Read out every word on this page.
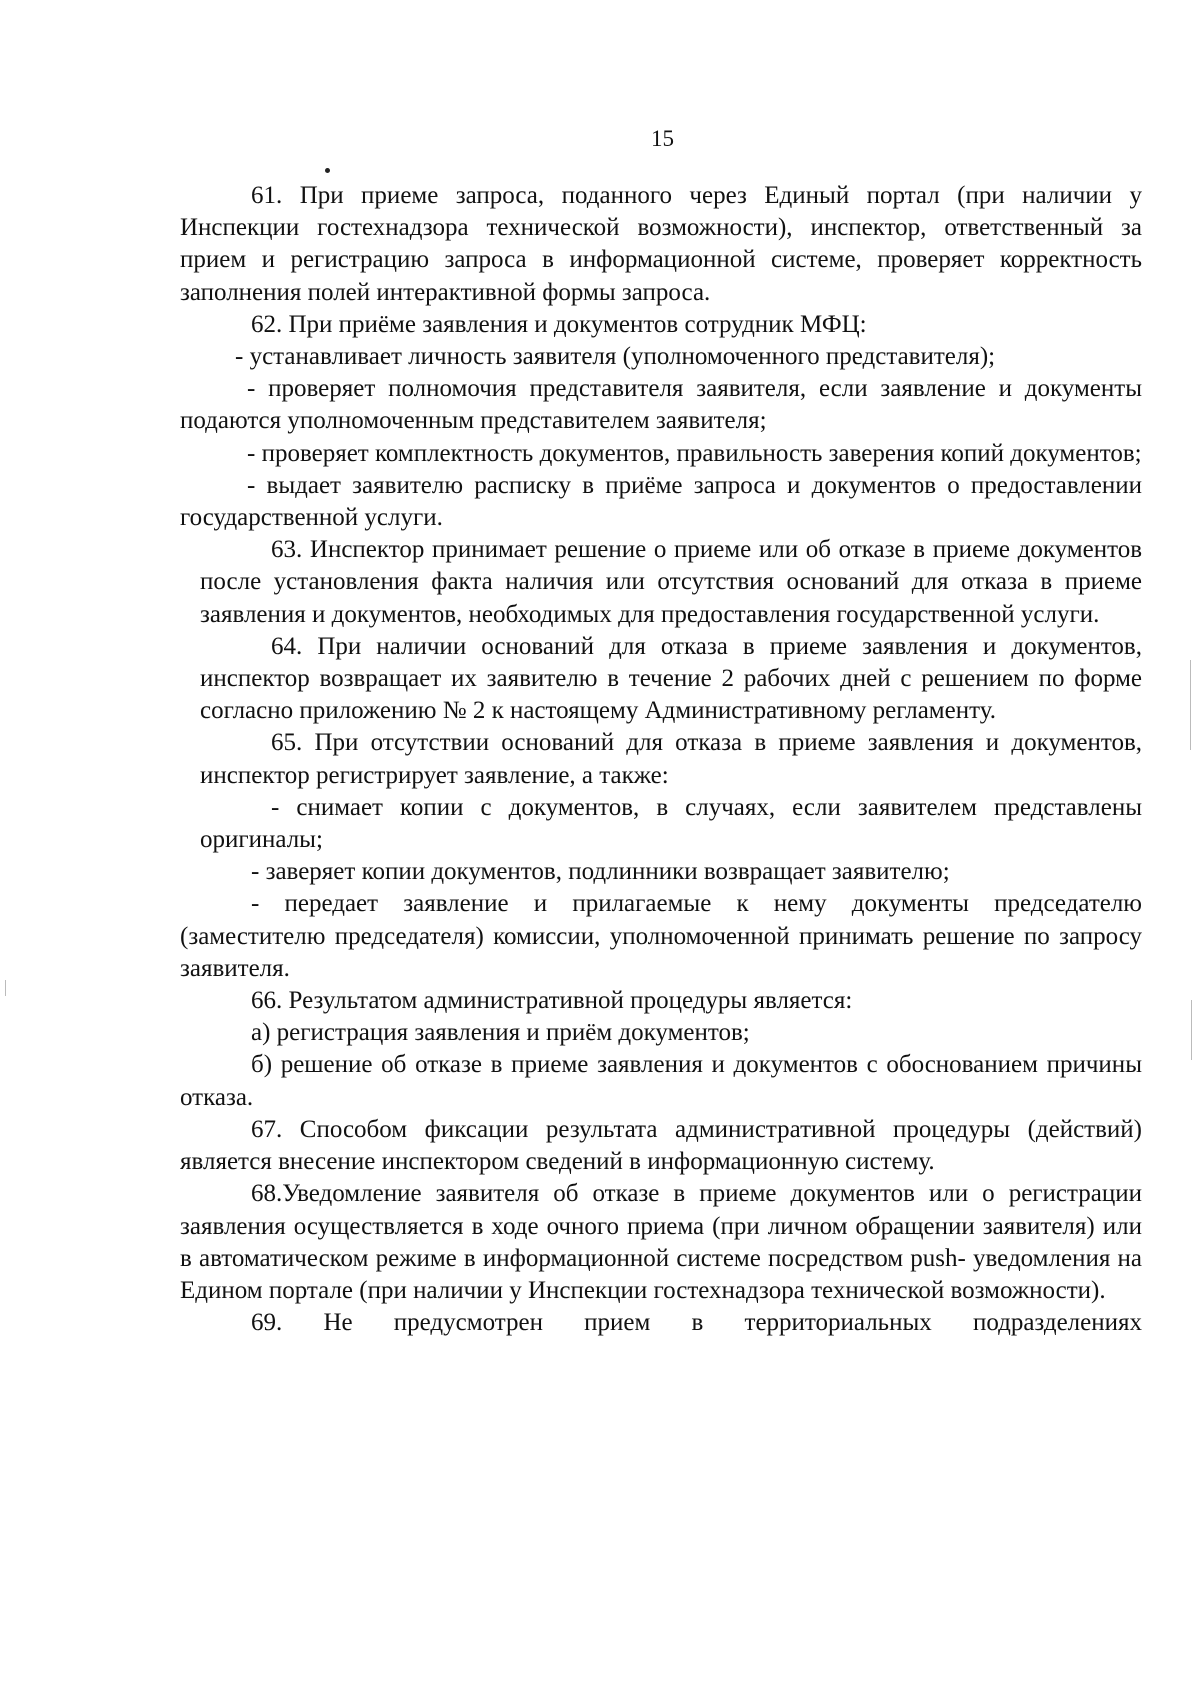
15

61. При приеме запроса, поданного через Единый портал (при наличии у Инспекции гостехнадзора технической возможности), инспектор, ответственный за прием и регистрацию запроса в информационной системе, проверяет корректность заполнения полей интерактивной формы запроса.

62. При приёме заявления и документов сотрудник МФЦ:

- устанавливает личность заявителя (уполномоченного представителя);

- проверяет полномочия представителя заявителя, если заявление и документы подаются уполномоченным представителем заявителя;

- проверяет комплектность документов, правильность заверения копий документов;

- выдает заявителю расписку в приёме запроса и документов о предоставлении государственной услуги.

63. Инспектор принимает решение о приеме или об отказе в приеме документов после установления факта наличия или отсутствия оснований для отказа в приеме заявления и документов, необходимых для предоставления государственной услуги.

64. При наличии оснований для отказа в приеме заявления и документов, инспектор возвращает их заявителю в течение 2 рабочих дней с решением по форме согласно приложению № 2 к настоящему Административному регламенту.

65. При отсутствии оснований для отказа в приеме заявления и документов, инспектор регистрирует заявление, а также:

- снимает копии с документов, в случаях, если заявителем представлены оригиналы;

- заверяет копии документов, подлинники возвращает заявителю;

- передает заявление и прилагаемые к нему документы председателю (заместителю председателя) комиссии, уполномоченной принимать решение по запросу заявителя.

66. Результатом административной процедуры является:

а) регистрация заявления и приём документов;

б) решение об отказе в приеме заявления и документов с обоснованием причины отказа.

67. Способом фиксации результата административной процедуры (действий) является внесение инспектором сведений в информационную систему.

68.Уведомление заявителя об отказе в приеме документов или о регистрации заявления осуществляется в ходе очного приема (при личном обращении заявителя) или в автоматическом режиме в информационной системе посредством push- уведомления на Едином портале (при наличии у Инспекции гостехнадзора технической возможности).

69. Не предусмотрен прием в территориальных подразделениях
